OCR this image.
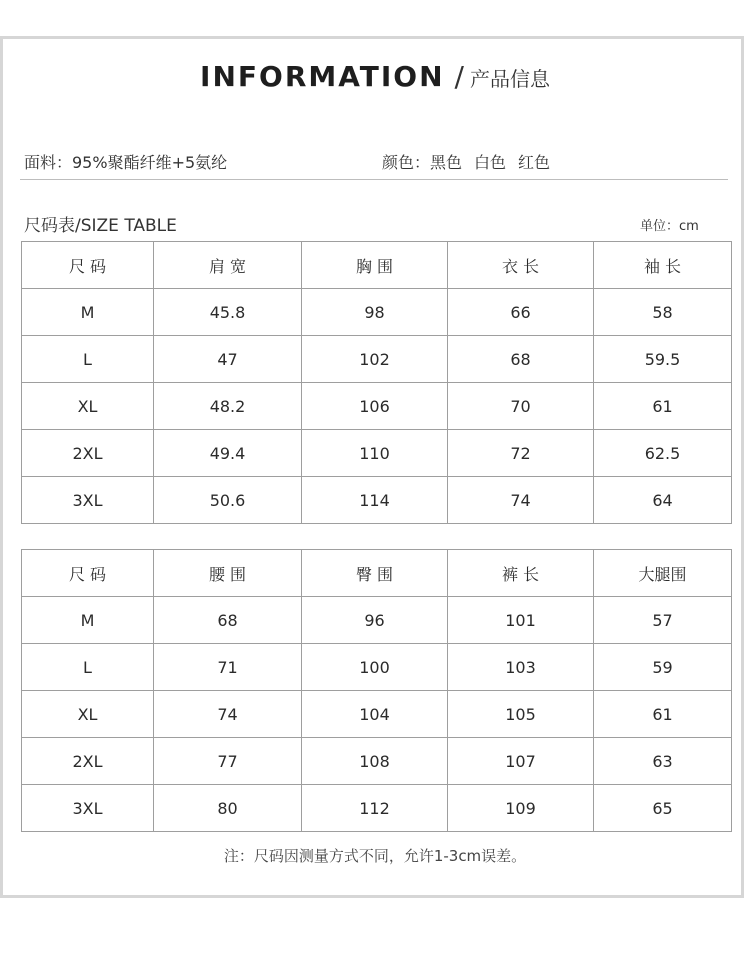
INFORMATION / 产品信息
面料：95%聚酯纤维+5氨纶	颜色：黑色 白色 红色
尺码表/SIZE TABLE	单位：cm
尺 码	肩 宽	胸 围	衣 长	袖 长
M	45.8	98	66	58
L	47	102	68	59.5
XL	48.2	106	70	61
2XL	49.4	110	72	62.5
3XL	50.6	114	74	64
尺 码	腰 围	臀 围	裤 长	大腿围
M	68	96	101	57
L	71	100	103	59
XL	74	104	105	61
2XL	77	108	107	63
3XL	80	112	109	65
注：尺码因测量方式不同，允许1-3cm误差。
